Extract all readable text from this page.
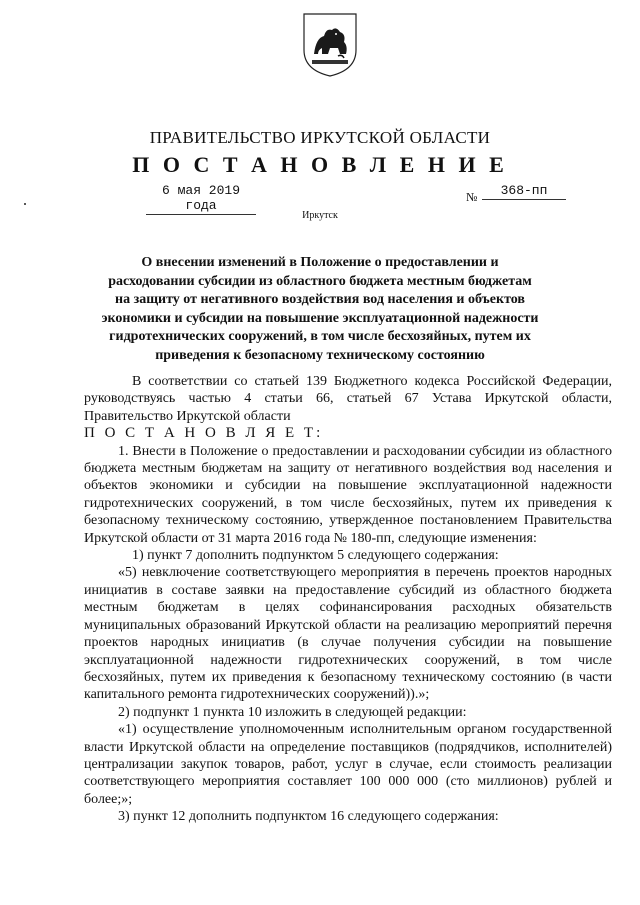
ПРАВИТЕЛЬСТВО ИРКУТСКОЙ ОБЛАСТИ
П О С Т А Н О В Л Е Н И Е
6 мая 2019 года
№	368-пп
Иркутск
О внесении изменений в Положение о предоставлении и расходовании субсидии из областного бюджета местным бюджетам на защиту от негативного воздействия вод населения и объектов экономики и субсидии на повышение эксплуатационной надежности гидротехнических сооружений, в том числе бесхозяйных, путем их приведения к безопасному техническому состоянию

В соответствии со статьей 139 Бюджетного кодекса Российской Федерации, руководствуясь частью 4 статьи 66, статьей 67 Устава Иркутской области, Правительство Иркутской области

П О С Т А Н О В Л Я Е Т:

1. Внести в Положение о предоставлении и расходовании субсидии из областного бюджета местным бюджетам на защиту от негативного воздействия вод населения и объектов экономики и субсидии на повышение эксплуатационной надежности гидротехнических сооружений, в том числе бесхозяйных, путем их приведения к безопасному техническому состоянию, утвержденное постановлением Правительства Иркутской области от 31 марта 2016 года № 180-пп, следующие изменения:

1) пункт 7 дополнить подпунктом 5 следующего содержания:

«5) невключение соответствующего мероприятия в перечень проектов народных инициатив в составе заявки на предоставление субсидий из областного бюджета местным бюджетам в целях софинансирования расходных обязательств муниципальных образований Иркутской области на реализацию мероприятий перечня проектов народных инициатив (в случае получения субсидии на повышение эксплуатационной надежности гидротехнических сооружений, в том числе бесхозяйных, путем их приведения к безопасному техническому состоянию (в части капитального ремонта гидротехнических сооружений)).»;

2) подпункт 1 пункта 10 изложить в следующей редакции:

«1) осуществление уполномоченным исполнительным органом государственной власти Иркутской области на определение поставщиков (подрядчиков, исполнителей) централизации закупок товаров, работ, услуг в случае, если стоимость реализации соответствующего мероприятия составляет 100 000 000 (сто миллионов) рублей и более;»;

3) пункт 12 дополнить подпунктом 16 следующего содержания:
